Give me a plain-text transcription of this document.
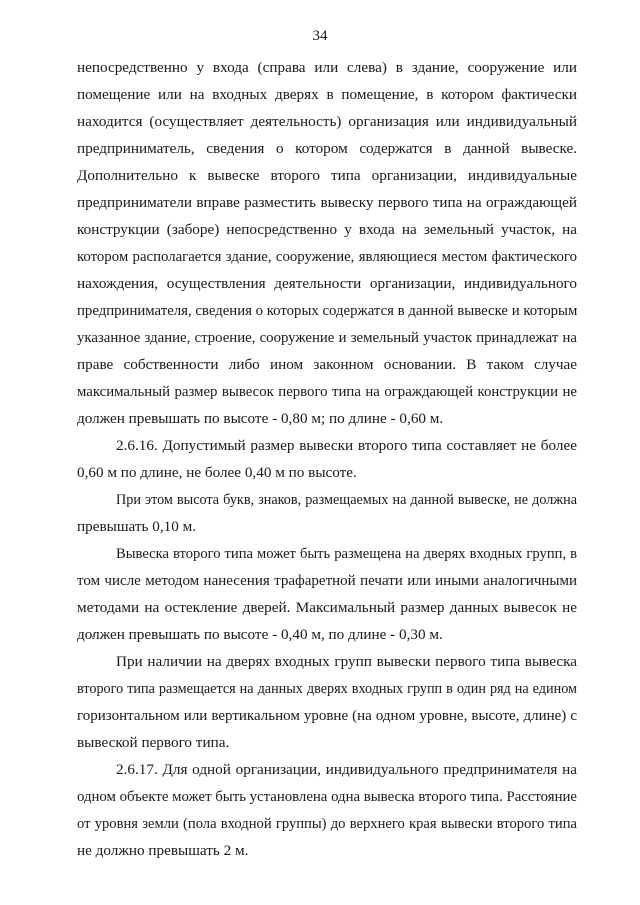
34
непосредственно у входа (справа или слева) в здание, сооружение или
помещение или на входных дверях в помещение, в котором фактически
находится (осуществляет деятельность) организация или индивидуальный
предприниматель, сведения о котором содержатся в данной вывеске.
Дополнительно к вывеске второго типа организации, индивидуальные
предприниматели вправе разместить вывеску первого типа на ограждающей
конструкции (заборе) непосредственно у входа на земельный участок, на
котором располагается здание, сооружение, являющиеся местом фактического
нахождения, осуществления деятельности организации, индивидуального
предпринимателя, сведения о которых содержатся в данной вывеске и которым
указанное здание, строение, сооружение и земельный участок принадлежат на
праве собственности либо ином законном основании. В таком случае
максимальный размер вывесок первого типа на ограждающей конструкции не
должен превышать по высоте - 0,80 м; по длине - 0,60 м.
2.6.16. Допустимый размер вывески второго типа составляет не более
0,60 м по длине, не более 0,40 м по высоте.
При этом высота букв, знаков, размещаемых на данной вывеске, не должна
превышать 0,10 м.
Вывеска второго типа может быть размещена на дверях входных групп, в
том числе методом нанесения трафаретной печати или иными аналогичными
методами на остекление дверей. Максимальный размер данных вывесок не
должен превышать по высоте - 0,40 м, по длине - 0,30 м.
При наличии на дверях входных групп вывески первого типа вывеска
второго типа размещается на данных дверях входных групп в один ряд на едином
горизонтальном или вертикальном уровне (на одном уровне, высоте, длине) с
вывеской первого типа.
2.6.17. Для одной организации, индивидуального предпринимателя на
одном объекте может быть установлена одна вывеска второго типа. Расстояние
от уровня земли (пола входной группы) до верхнего края вывески второго типа
не должно превышать 2 м.
